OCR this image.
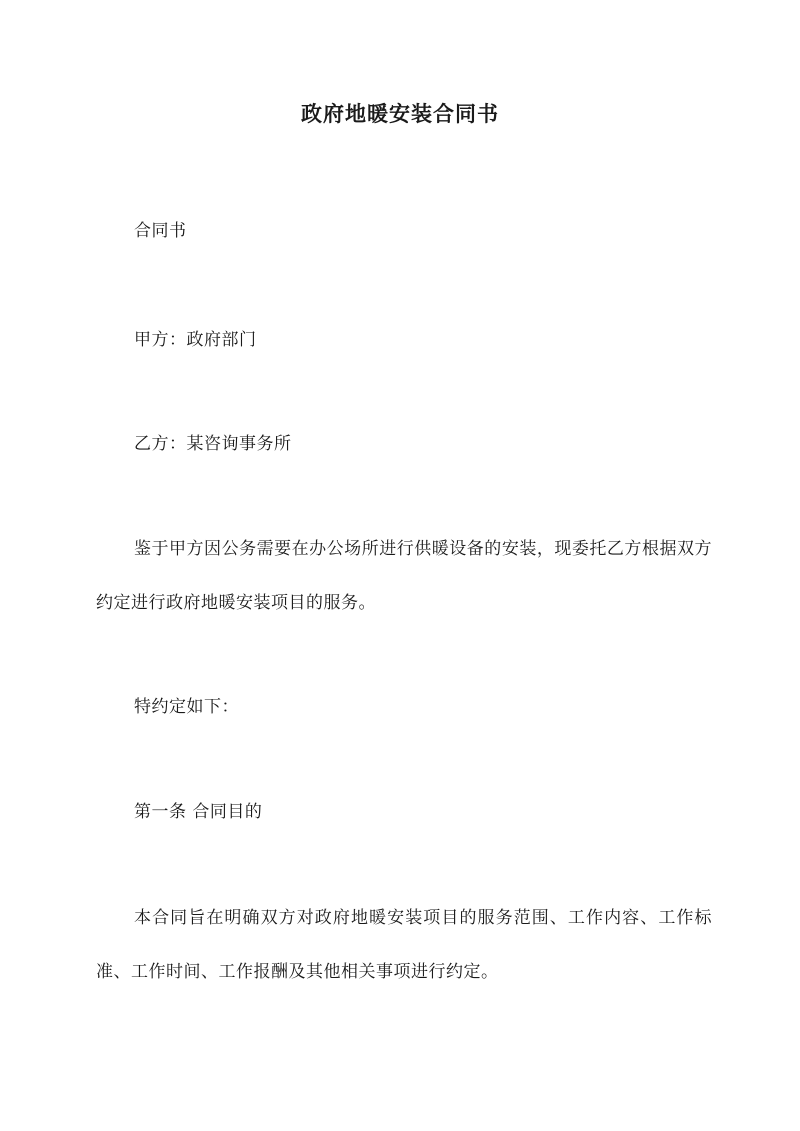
政府地暖安装合同书
合同书
甲方：政府部门
乙方：某咨询事务所
鉴于甲方因公务需要在办公场所进行供暖设备的安装，现委托乙方根据双方约定进行政府地暖安装项目的服务。
特约定如下：
第一条 合同目的
本合同旨在明确双方对政府地暖安装项目的服务范围、工作内容、工作标准、工作时间、工作报酬及其他相关事项进行约定。
